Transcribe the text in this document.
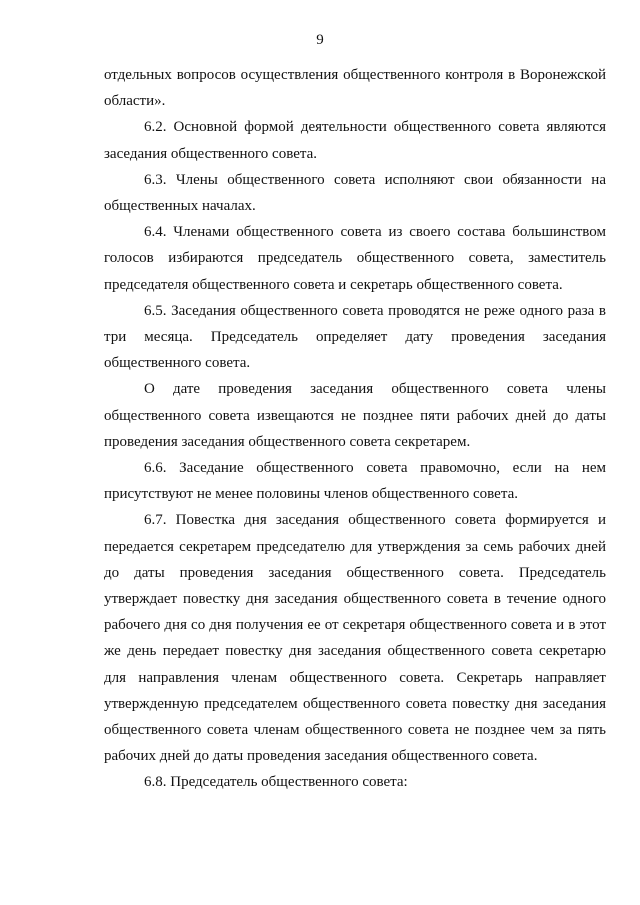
9

отдельных вопросов осуществления общественного контроля в Воронежской области».

6.2. Основной формой деятельности общественного совета являются заседания общественного совета.

6.3. Члены общественного совета исполняют свои обязанности на общественных началах.

6.4. Членами общественного совета из своего состава большинством голосов избираются председатель общественного совета, заместитель председателя общественного совета и секретарь общественного совета.

6.5. Заседания общественного совета проводятся не реже одного раза в три месяца. Председатель определяет дату проведения заседания общественного совета.

О дате проведения заседания общественного совета члены общественного совета извещаются не позднее пяти рабочих дней до даты проведения заседания общественного совета секретарем.

6.6. Заседание общественного совета правомочно, если на нем присутствуют не менее половины членов общественного совета.

6.7. Повестка дня заседания общественного совета формируется и передается секретарем председателю для утверждения за семь рабочих дней до даты проведения заседания общественного совета. Председатель утверждает повестку дня заседания общественного совета в течение одного рабочего дня со дня получения ее от секретаря общественного совета и в этот же день передает повестку дня заседания общественного совета секретарю для направления членам общественного совета. Секретарь направляет утвержденную председателем общественного совета повестку дня заседания общественного совета членам общественного совета не позднее чем за пять рабочих дней до даты проведения заседания общественного совета.

6.8. Председатель общественного совета:
